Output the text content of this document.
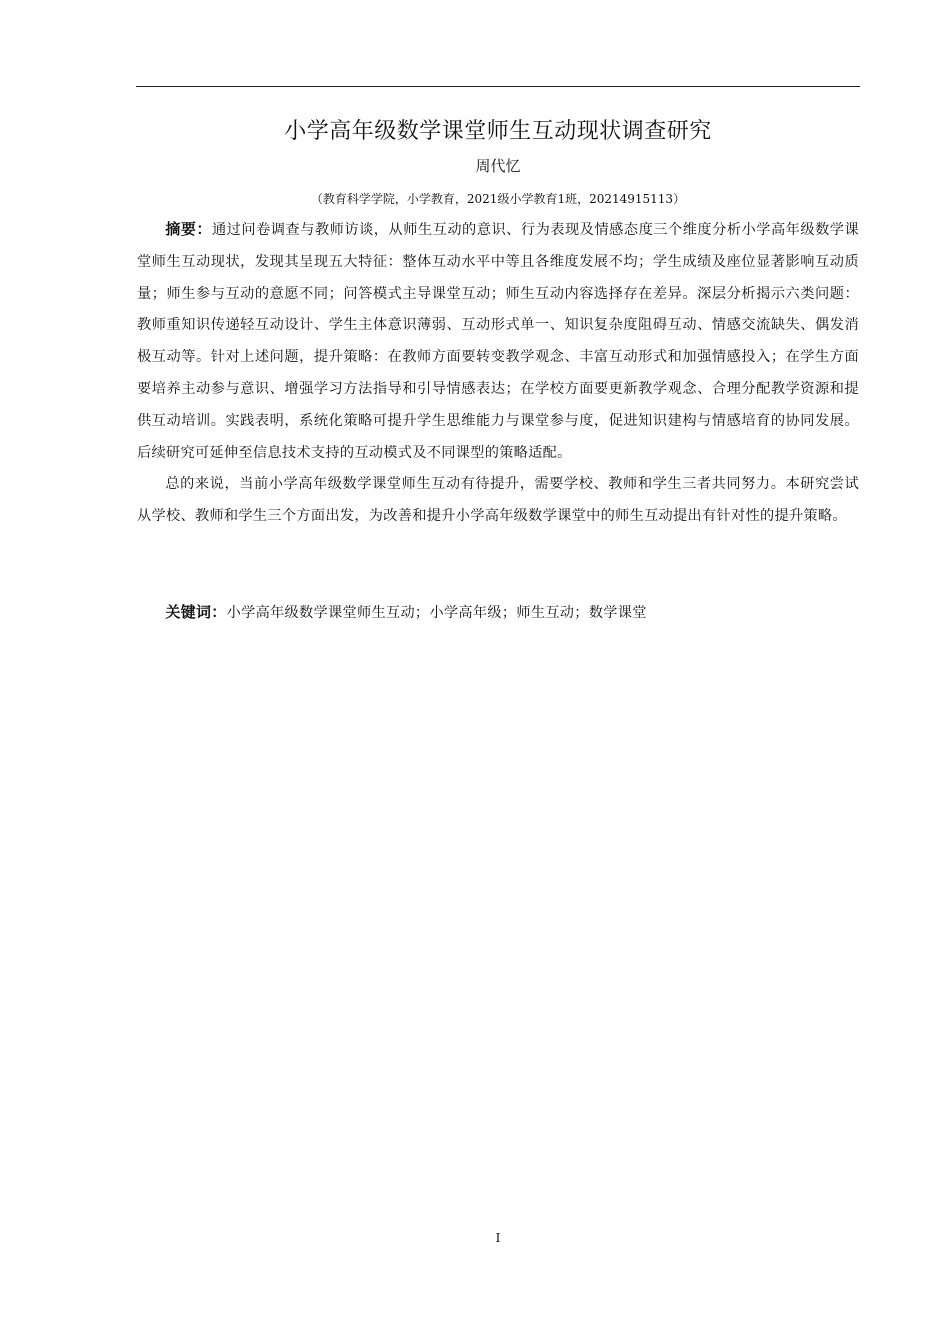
小学高年级数学课堂师生互动现状调查研究
周代忆
（教育科学学院，小学教育，2021级小学教育1班，20214915113）

摘要：通过问卷调查与教师访谈，从师生互动的意识、行为表现及情感态度三个维度分析小学高年级数学课堂师生互动现状，发现其呈现五大特征：整体互动水平中等且各维度发展不均；学生成绩及座位显著影响互动质量；师生参与互动的意愿不同；问答模式主导课堂互动；师生互动内容选择存在差异。深层分析揭示六类问题：教师重知识传递轻互动设计、学生主体意识薄弱、互动形式单一、知识复杂度阻碍互动、情感交流缺失、偶发消极互动等。针对上述问题，提升策略：在教师方面要转变教学观念、丰富互动形式和加强情感投入；在学生方面要培养主动参与意识、增强学习方法指导和引导情感表达；在学校方面要更新教学观念、合理分配教学资源和提供互动培训。实践表明，系统化策略可提升学生思维能力与课堂参与度，促进知识建构与情感培育的协同发展。后续研究可延伸至信息技术支持的互动模式及不同课型的策略适配。

总的来说，当前小学高年级数学课堂师生互动有待提升，需要学校、教师和学生三者共同努力。本研究尝试从学校、教师和学生三个方面出发，为改善和提升小学高年级数学课堂中的师生互动提出有针对性的提升策略。

关键词：小学高年级数学课堂师生互动；小学高年级；师生互动；数学课堂

I
